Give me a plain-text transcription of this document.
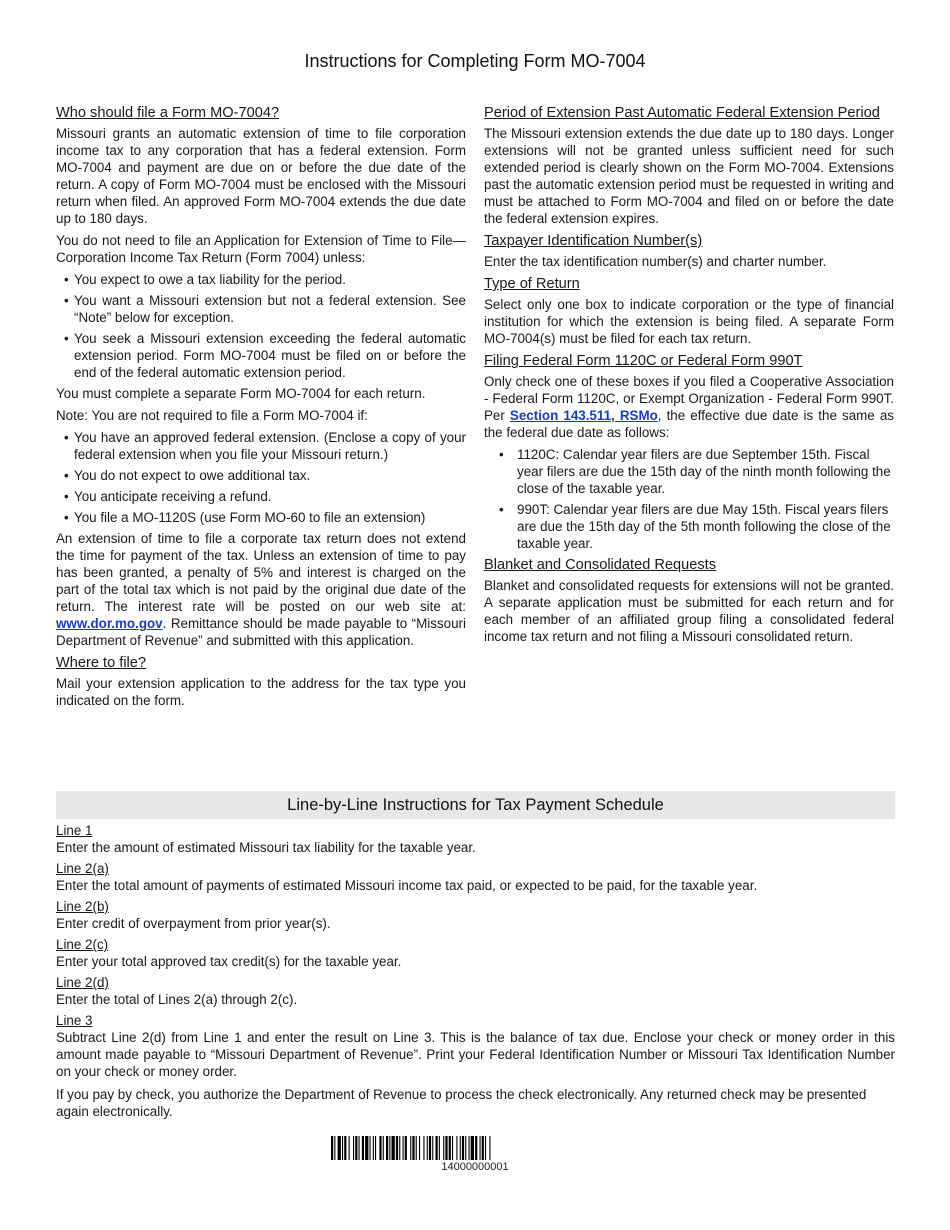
Instructions for Completing Form MO-7004
Who should file a Form MO-7004?

Missouri grants an automatic extension of time to file corporation income tax to any corporation that has a federal extension. Form MO-7004 and payment are due on or before the due date of the return. A copy of Form MO-7004 must be enclosed with the Missouri return when filed. An approved Form MO-7004 extends the due date up to 180 days.

You do not need to file an Application for Extension of Time to File—Corporation Income Tax Return (Form 7004) unless:

• You expect to owe a tax liability for the period.
• You want a Missouri extension but not a federal extension. See “Note” below for exception.
• You seek a Missouri extension exceeding the federal automatic extension period. Form MO-7004 must be filed on or before the end of the federal automatic extension period.

You must complete a separate Form MO-7004 for each return.

Note: You are not required to file a Form MO-7004 if:

• You have an approved federal extension. (Enclose a copy of your federal extension when you file your Missouri return.)
• You do not expect to owe additional tax.
• You anticipate receiving a refund.
• You file a MO-1120S (use Form MO-60 to file an extension)

An extension of time to file a corporate tax return does not extend the time for payment of the tax. Unless an extension of time to pay has been granted, a penalty of 5% and interest is charged on the part of the total tax which is not paid by the original due date of the return. The interest rate will be posted on our web site at: www.dor.mo.gov. Remittance should be made payable to “Missouri Department of Revenue” and submitted with this application.

Where to file?

Mail your extension application to the address for the tax type you indicated on the form.

Period of Extension Past Automatic Federal Extension Period

The Missouri extension extends the due date up to 180 days. Longer extensions will not be granted unless sufficient need for such extended period is clearly shown on the Form MO-7004. Extensions past the automatic extension period must be requested in writing and must be attached to Form MO-7004 and filed on or before the date the federal extension expires.

Taxpayer Identification Number(s)

Enter the tax identification number(s) and charter number.

Type of Return

Select only one box to indicate corporation or the type of financial institution for which the extension is being filed. A separate Form MO-7004(s) must be filed for each tax return.

Filing Federal Form 1120C or Federal Form 990T

Only check one of these boxes if you filed a Cooperative Association - Federal Form 1120C, or Exempt Organization - Federal Form 990T. Per Section 143.511, RSMo, the effective due date is the same as the federal due date as follows:

• 1120C: Calendar year filers are due September 15th. Fiscal year filers are due the 15th day of the ninth month following the close of the taxable year.
• 990T: Calendar year filers are due May 15th. Fiscal years filers are due the 15th day of the 5th month following the close of the taxable year.
Blanket and Consolidated Requests

Blanket and consolidated requests for extensions will not be granted. A separate application must be submitted for each return and for each member of an affiliated group filing a consolidated federal income tax return and not filing a Missouri consolidated return.

Line-by-Line Instructions for Tax Payment Schedule

Line 1

Enter the amount of estimated Missouri tax liability for the taxable year.

Line 2(a)

Enter the total amount of payments of estimated Missouri income tax paid, or expected to be paid, for the taxable year.

Line 2(b)

Enter credit of overpayment from prior year(s).

Line 2(c)

Enter your total approved tax credit(s) for the taxable year.

Line 2(d)

Enter the total of Lines 2(a) through 2(c).

Line 3

Subtract Line 2(d) from Line 1 and enter the result on Line 3. This is the balance of tax due. Enclose your check or money order in this amount made payable to “Missouri Department of Revenue”. Print your Federal Identification Number or Missouri Tax Identification Number on your check or money order.

If you pay by check, you authorize the Department of Revenue to process the check electronically. Any returned check may be presented again electronically.

14000000001
